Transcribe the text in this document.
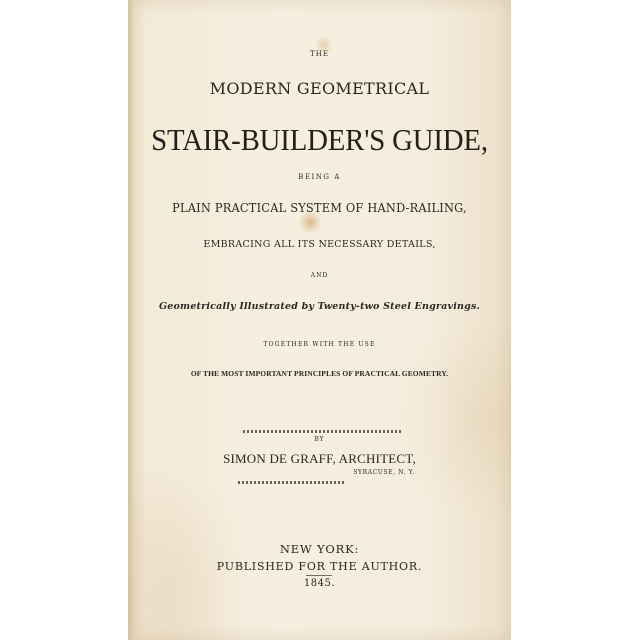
THE
MODERN GEOMETRICAL
STAIR-BUILDER'S GUIDE,
BEING A
PLAIN PRACTICAL SYSTEM OF HAND-RAILING,
EMBRACING ALL ITS NECESSARY DETAILS,
AND
Geometrically Illustrated by Twenty-two Steel Engravings.
TOGETHER WITH THE USE
OF THE MOST IMPORTANT PRINCIPLES OF PRACTICAL GEOMETRY.
BY
SIMON DE GRAFF, ARCHITECT,
SYRACUSE, N. Y.
NEW YORK:
PUBLISHED FOR THE AUTHOR.
1845.
